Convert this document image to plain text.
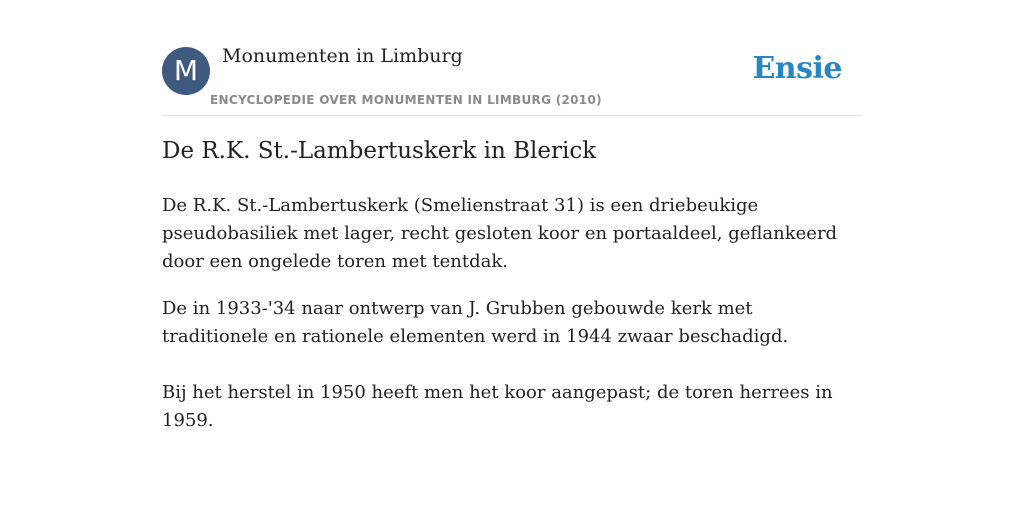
M	Monumenten in Limburg
ENCYCLOPEDIE OVER MONUMENTEN IN LIMBURG (2010)
Ensie
De R.K. St.-Lambertuskerk in Blerick

De R.K. St.-Lambertuskerk (Smelienstraat 31) is een driebeukige pseudobasiliek met lager, recht gesloten koor en portaaldeel, geflankeerd door een ongelede toren met tentdak.

De in 1933-'34 naar ontwerp van J. Grubben gebouwde kerk met traditionele en rationele elementen werd in 1944 zwaar beschadigd.

Bij het herstel in 1950 heeft men het koor aangepast; de toren herrees in 1959.
